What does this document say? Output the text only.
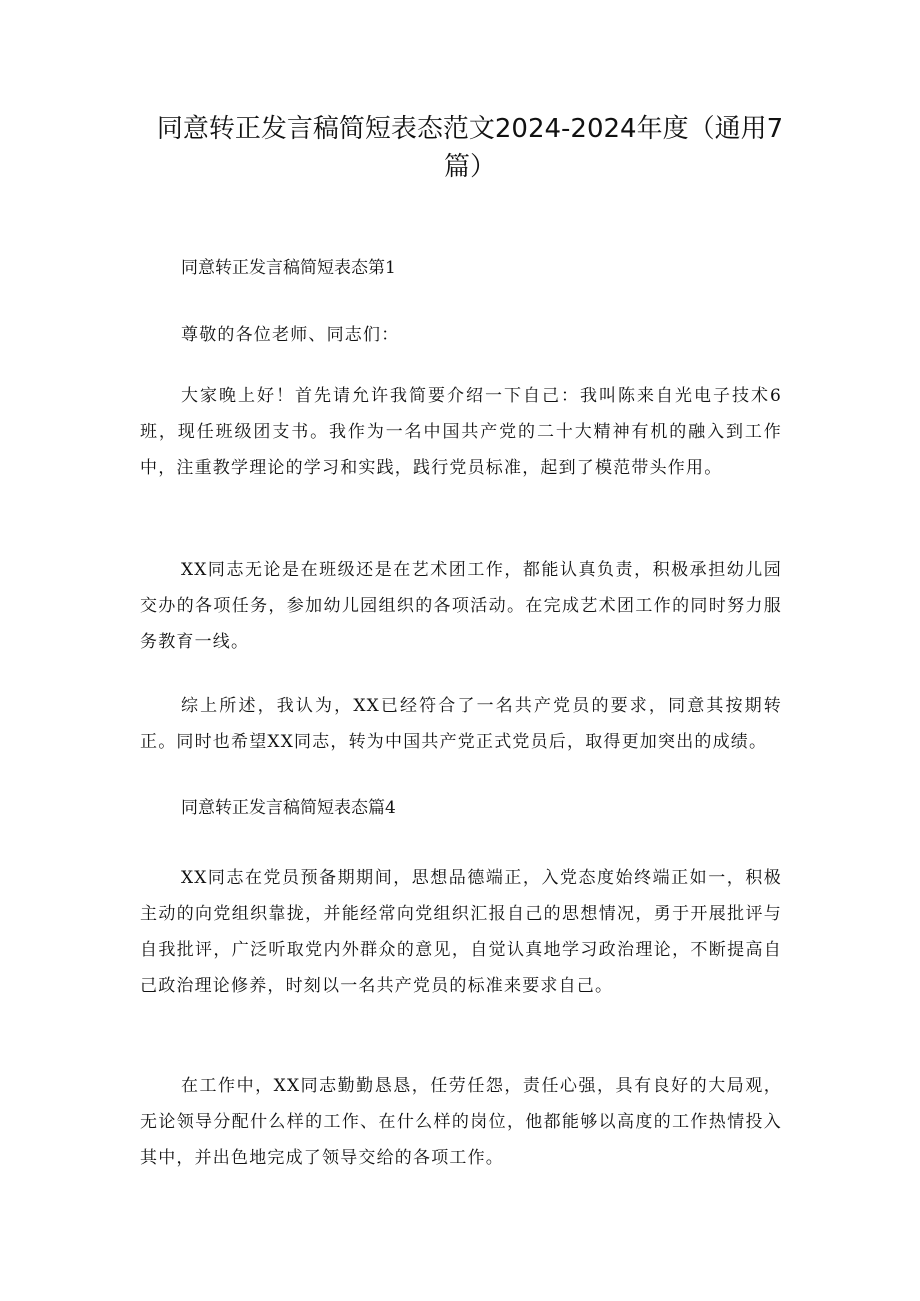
同意转正发言稿简短表态范文2024-2024年度（通用7
篇）

同意转正发言稿简短表态第1

尊敬的各位老师、同志们：

大家晚上好！首先请允许我简要介绍一下自己：我叫陈来自光电子技术6班，现任班级团支书。我作为一名中国共产党的二十大精神有机的融入到工作中，注重教学理论的学习和实践，践行党员标准，起到了模范带头作用。

XX同志无论是在班级还是在艺术团工作，都能认真负责，积极承担幼儿园交办的各项任务，参加幼儿园组织的各项活动。在完成艺术团工作的同时努力服务教育一线。

综上所述，我认为，XX已经符合了一名共产党员的要求，同意其按期转正。同时也希望XX同志，转为中国共产党正式党员后，取得更加突出的成绩。

同意转正发言稿简短表态篇4

XX同志在党员预备期期间，思想品德端正，入党态度始终端正如一，积极主动的向党组织靠拢，并能经常向党组织汇报自己的思想情况，勇于开展批评与自我批评，广泛听取党内外群众的意见，自觉认真地学习政治理论，不断提高自己政治理论修养，时刻以一名共产党员的标准来要求自己。

在工作中，XX同志勤勤恳恳，任劳任怨，责任心强，具有良好的大局观，无论领导分配什么样的工作、在什么样的岗位，他都能够以高度的工作热情投入其中，并出色地完成了领导交给的各项工作。
